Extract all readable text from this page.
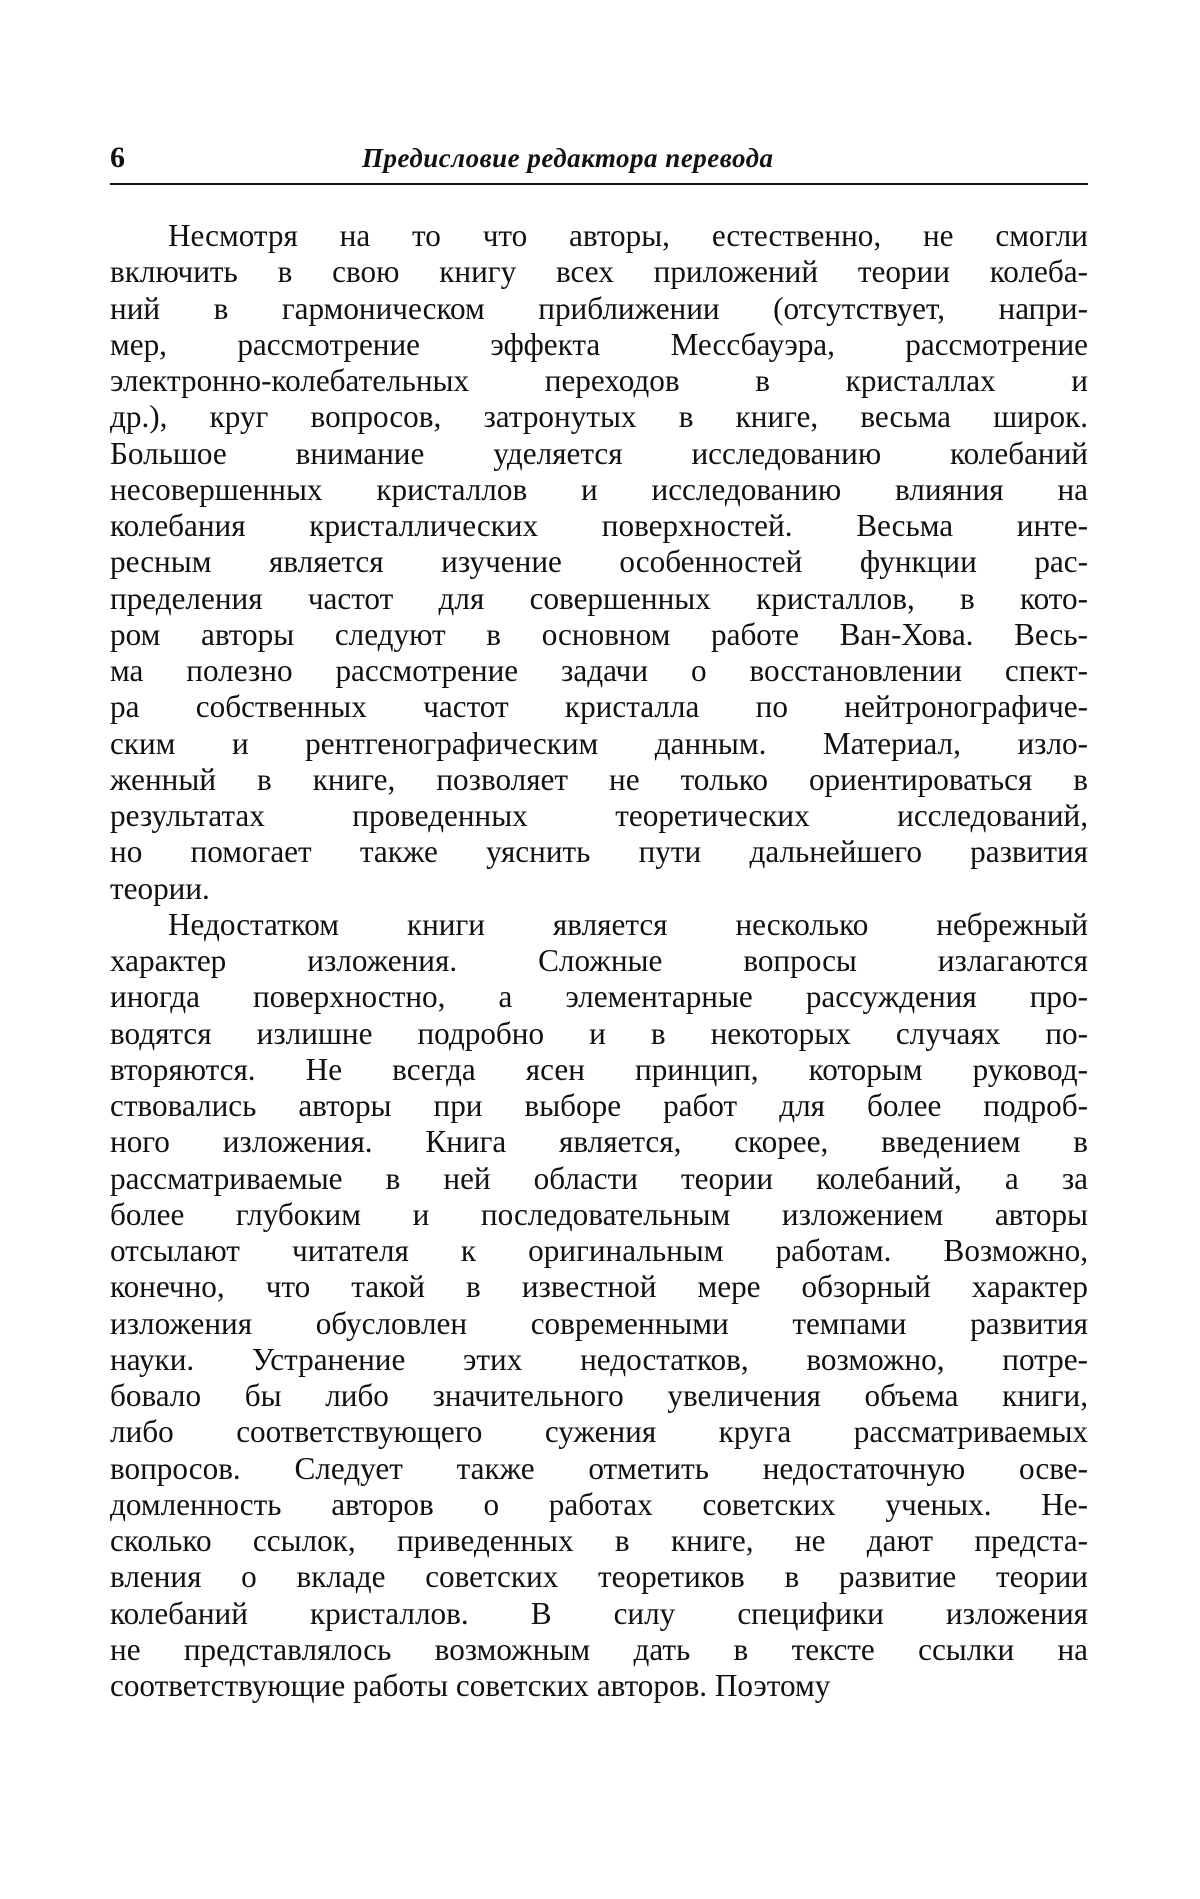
6	Предисловие редактора перевода
Несмотря на то что авторы, естественно, не смогли
включить в свою книгу всех приложений теории колеба-
ний в гармоническом приближении (отсутствует, напри-
мер, рассмотрение эффекта Мессбауэра, рассмотрение
электронно-колебательных переходов в кристаллах и
др.), круг вопросов, затронутых в книге, весьма широк.
Большое внимание уделяется исследованию колебаний
несовершенных кристаллов и исследованию влияния на
колебания кристаллических поверхностей. Весьма инте-
ресным является изучение особенностей функции рас-
пределения частот для совершенных кристаллов, в кото-
ром авторы следуют в основном работе Ван-Хова. Весь-
ма полезно рассмотрение задачи о восстановлении спект-
ра собственных частот кристалла по нейтронографиче-
ским и рентгенографическим данным. Материал, изло-
женный в книге, позволяет не только ориентироваться в
результатах проведенных теоретических исследований,
но помогает также уяснить пути дальнейшего развития
теории.
Недостатком книги является несколько небрежный
характер изложения. Сложные вопросы излагаются
иногда поверхностно, а элементарные рассуждения про-
водятся излишне подробно и в некоторых случаях по-
вторяются. Не всегда ясен принцип, которым руковод-
ствовались авторы при выборе работ для более подроб-
ного изложения. Книга является, скорее, введением в
рассматриваемые в ней области теории колебаний, а за
более глубоким и последовательным изложением авторы
отсылают читателя к оригинальным работам. Возможно,
конечно, что такой в известной мере обзорный характер
изложения обусловлен современными темпами развития
науки. Устранение этих недостатков, возможно, потре-
бовало бы либо значительного увеличения объема книги,
либо соответствующего сужения круга рассматриваемых
вопросов. Следует также отметить недостаточную осве-
домленность авторов о работах советских ученых. Не-
сколько ссылок, приведенных в книге, не дают предста-
вления о вкладе советских теоретиков в развитие теории
колебаний кристаллов. В силу специфики изложения
не представлялось возможным дать в тексте ссылки на
соответствующие работы советских авторов. Поэтому
